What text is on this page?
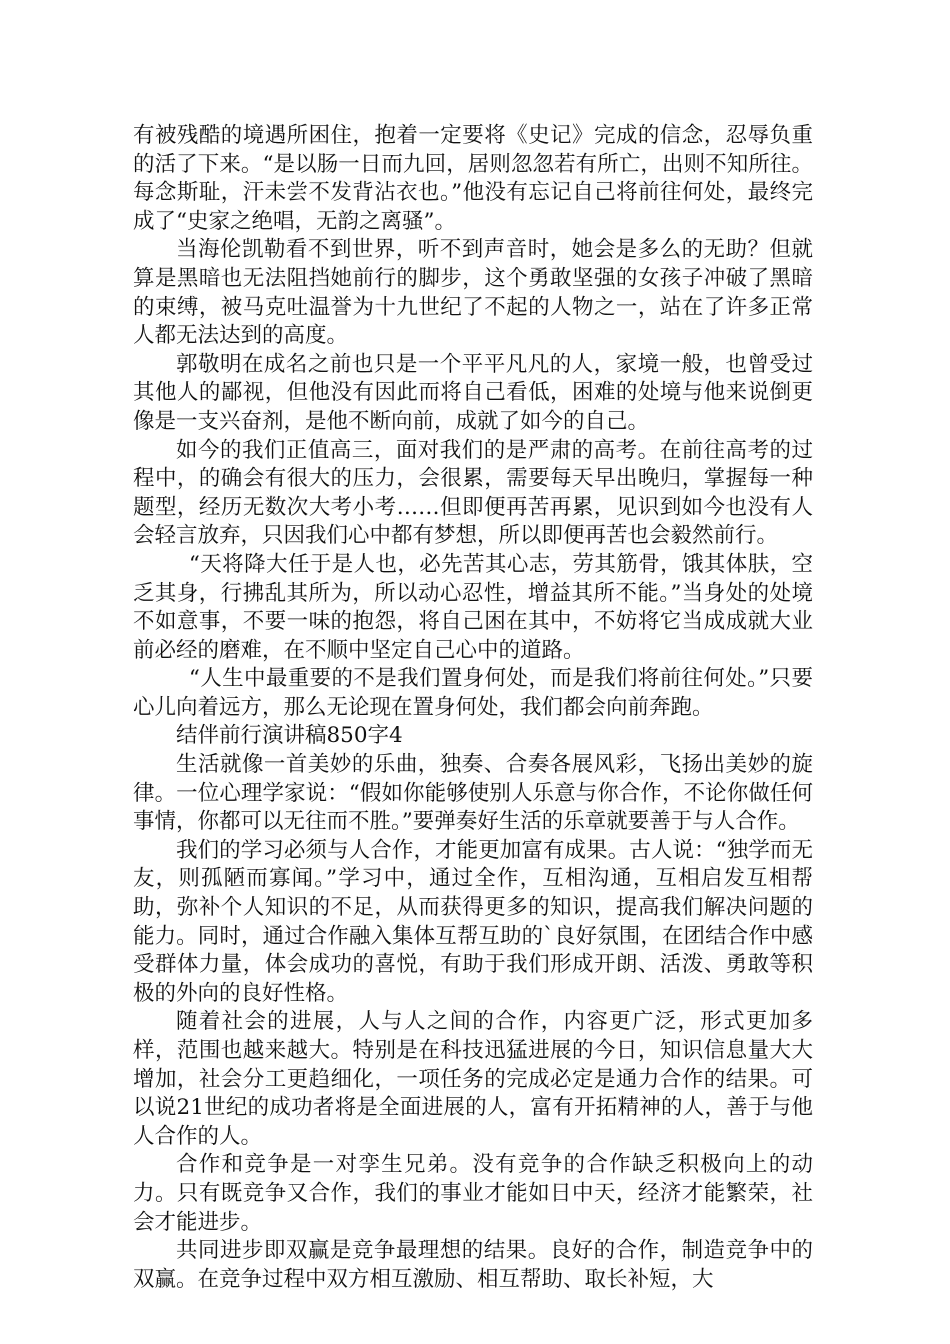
有被残酷的境遇所困住，抱着一定要将《史记》完成的信念，忍辱负重的活了下来。“是以肠一日而九回，居则忽忽若有所亡，出则不知所往。每念斯耻，汗未尝不发背沾衣也。”他没有忘记自己将前往何处，最终完成了“史家之绝唱，无韵之离骚”。

当海伦凯勒看不到世界，听不到声音时，她会是多么的无助？但就算是黑暗也无法阻挡她前行的脚步，这个勇敢坚强的女孩子冲破了黑暗的束缚，被马克吐温誉为十九世纪了不起的人物之一，站在了许多正常人都无法达到的高度。

郭敬明在成名之前也只是一个平平凡凡的人，家境一般，也曾受过其他人的鄙视，但他没有因此而将自己看低，困难的处境与他来说倒更像是一支兴奋剂，是他不断向前，成就了如今的自己。

如今的我们正值高三，面对我们的是严肃的高考。在前往高考的过程中，的确会有很大的压力，会很累，需要每天早出晚归，掌握每一种题型，经历无数次大考小考……但即便再苦再累，见识到如今也没有人会轻言放弃，只因我们心中都有梦想，所以即便再苦也会毅然前行。

“天将降大任于是人也，必先苦其心志，劳其筋骨，饿其体肤，空乏其身，行拂乱其所为，所以动心忍性，增益其所不能。”当身处的处境不如意事，不要一味的抱怨，将自己困在其中，不妨将它当成成就大业前必经的磨难，在不顺中坚定自己心中的道路。

“人生中最重要的不是我们置身何处，而是我们将前往何处。”只要心儿向着远方，那么无论现在置身何处，我们都会向前奔跑。

结伴前行演讲稿850字4

生活就像一首美妙的乐曲，独奏、合奏各展风彩，飞扬出美妙的旋律。一位心理学家说：“假如你能够使别人乐意与你合作，不论你做任何事情，你都可以无往而不胜。”要弹奏好生活的乐章就要善于与人合作。

我们的学习必须与人合作，才能更加富有成果。古人说：“独学而无友，则孤陋而寡闻。”学习中，通过全作，互相沟通，互相启发互相帮助，弥补个人知识的不足，从而获得更多的知识，提高我们解决问题的能力。同时，通过合作融入集体互帮互助的`良好氛围，在团结合作中感受群体力量，体会成功的喜悦，有助于我们形成开朗、活泼、勇敢等积极的外向的良好性格。

随着社会的进展，人与人之间的合作，内容更广泛，形式更加多样，范围也越来越大。特别是在科技迅猛进展的今日，知识信息量大大增加，社会分工更趋细化，一项任务的完成必定是通力合作的结果。可以说21世纪的成功者将是全面进展的人，富有开拓精神的人，善于与他人合作的人。

合作和竞争是一对孪生兄弟。没有竞争的合作缺乏积极向上的动力。只有既竞争又合作，我们的事业才能如日中天，经济才能繁荣，社会才能进步。

共同进步即双赢是竞争最理想的结果。良好的合作，制造竞争中的双赢。在竞争过程中双方相互激励、相互帮助、取长补短，大
